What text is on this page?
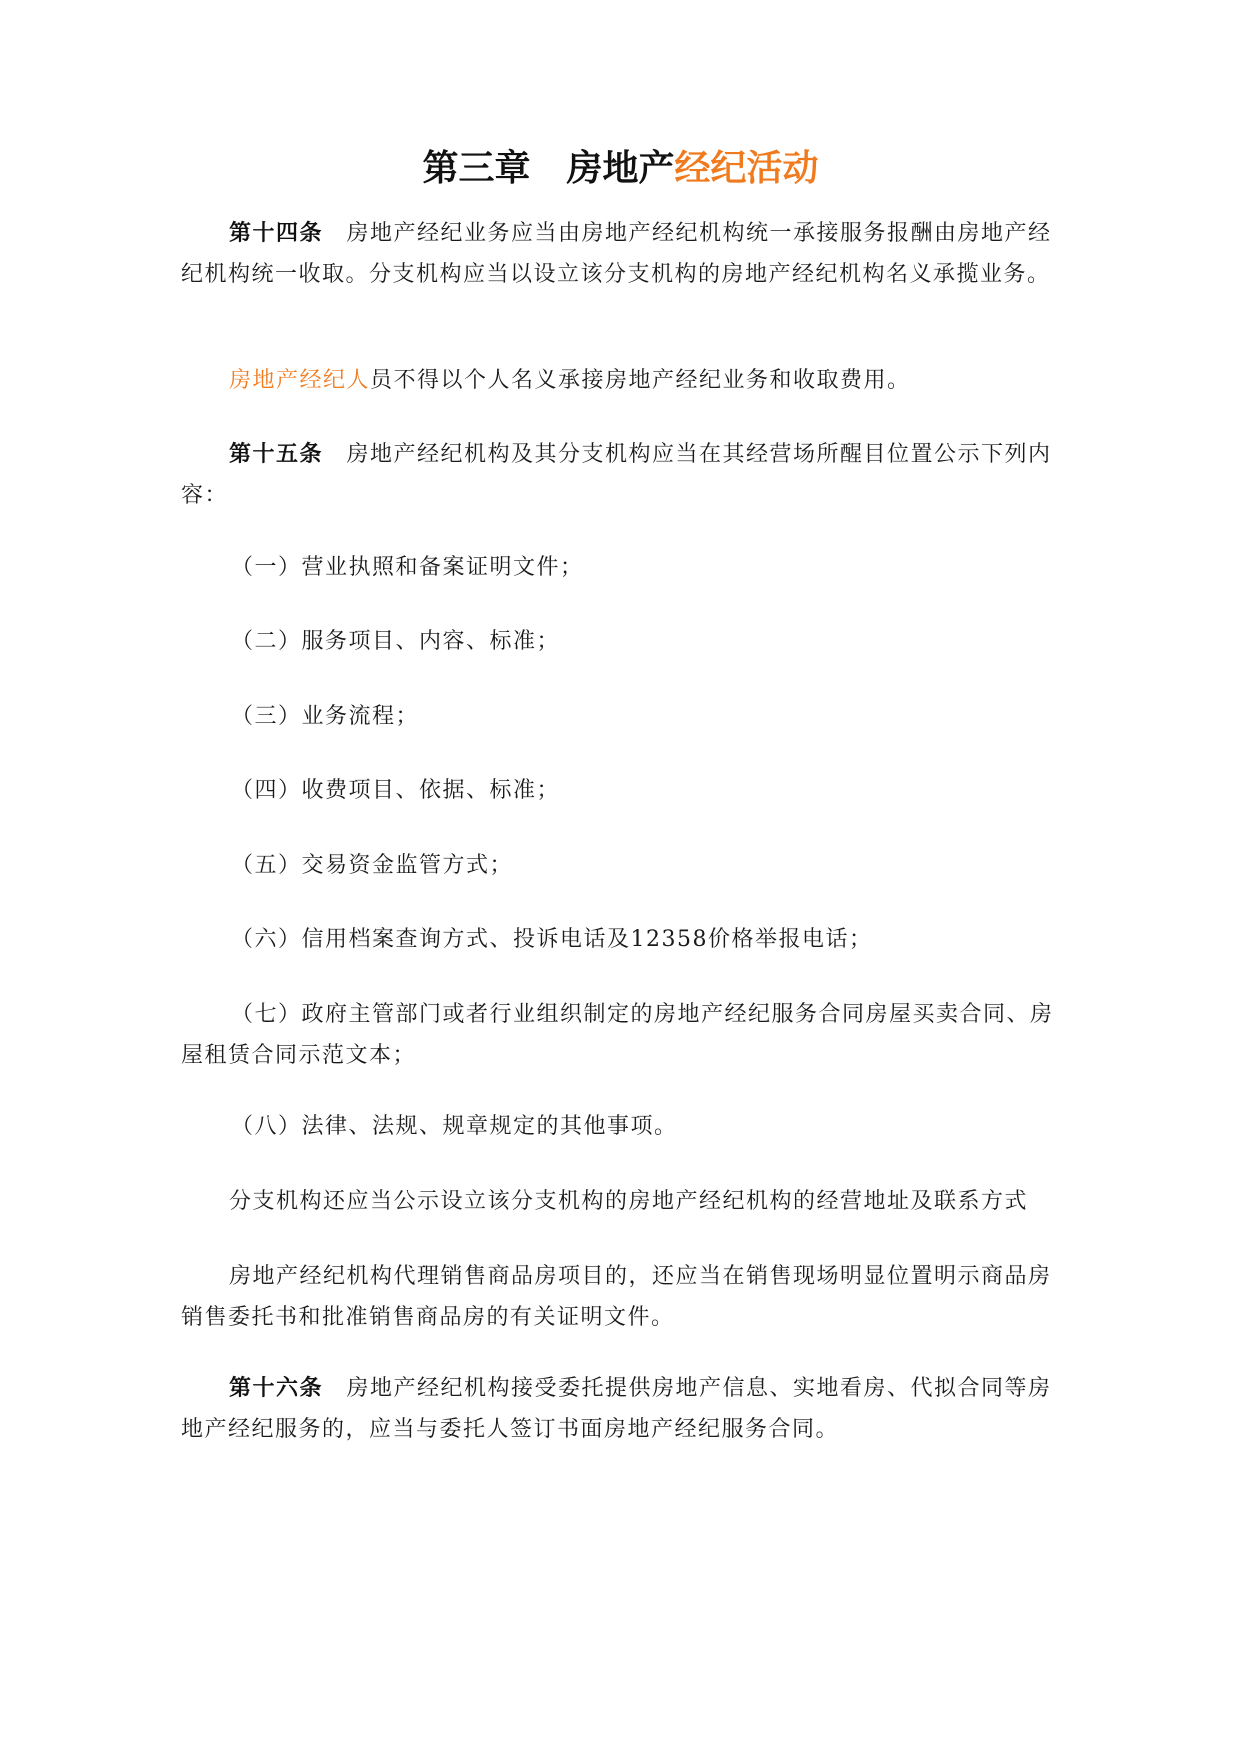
第三章 房地产经纪活动
第十四条　 房地产经纪业务应当由房地产经纪机构统一承接服务报酬由房地产经纪机构统一收取。分支机构应当以设立该分支机构的房地产经纪机构名义承揽业务。
房地产经纪人员不得以个人名义承接房地产经纪业务和收取费用。
第十五条　 房地产经纪机构及其分支机构应当在其经营场所醒目位置公示下列内容：
（一）营业执照和备案证明文件；
（二）服务项目、内容、标准；
（三）业务流程；
（四）收费项目、依据、标准；
（五）交易资金监管方式；
（六）信用档案查询方式、投诉电话及12358价格举报电话；
（七）政府主管部门或者行业组织制定的房地产经纪服务合同房屋买卖合同、房屋租赁合同示范文本；
（八）法律、法规、规章规定的其他事项。
分支机构还应当公示设立该分支机构的房地产经纪机构的经营地址及联系方式
房地产经纪机构代理销售商品房项目的，还应当在销售现场明显位置明示商品房销售委托书和批准销售商品房的有关证明文件。
第十六条　 房地产经纪机构接受委托提供房地产信息、实地看房、代拟合同等房地产经纪服务的，应当与委托人签订书面房地产经纪服务合同。
